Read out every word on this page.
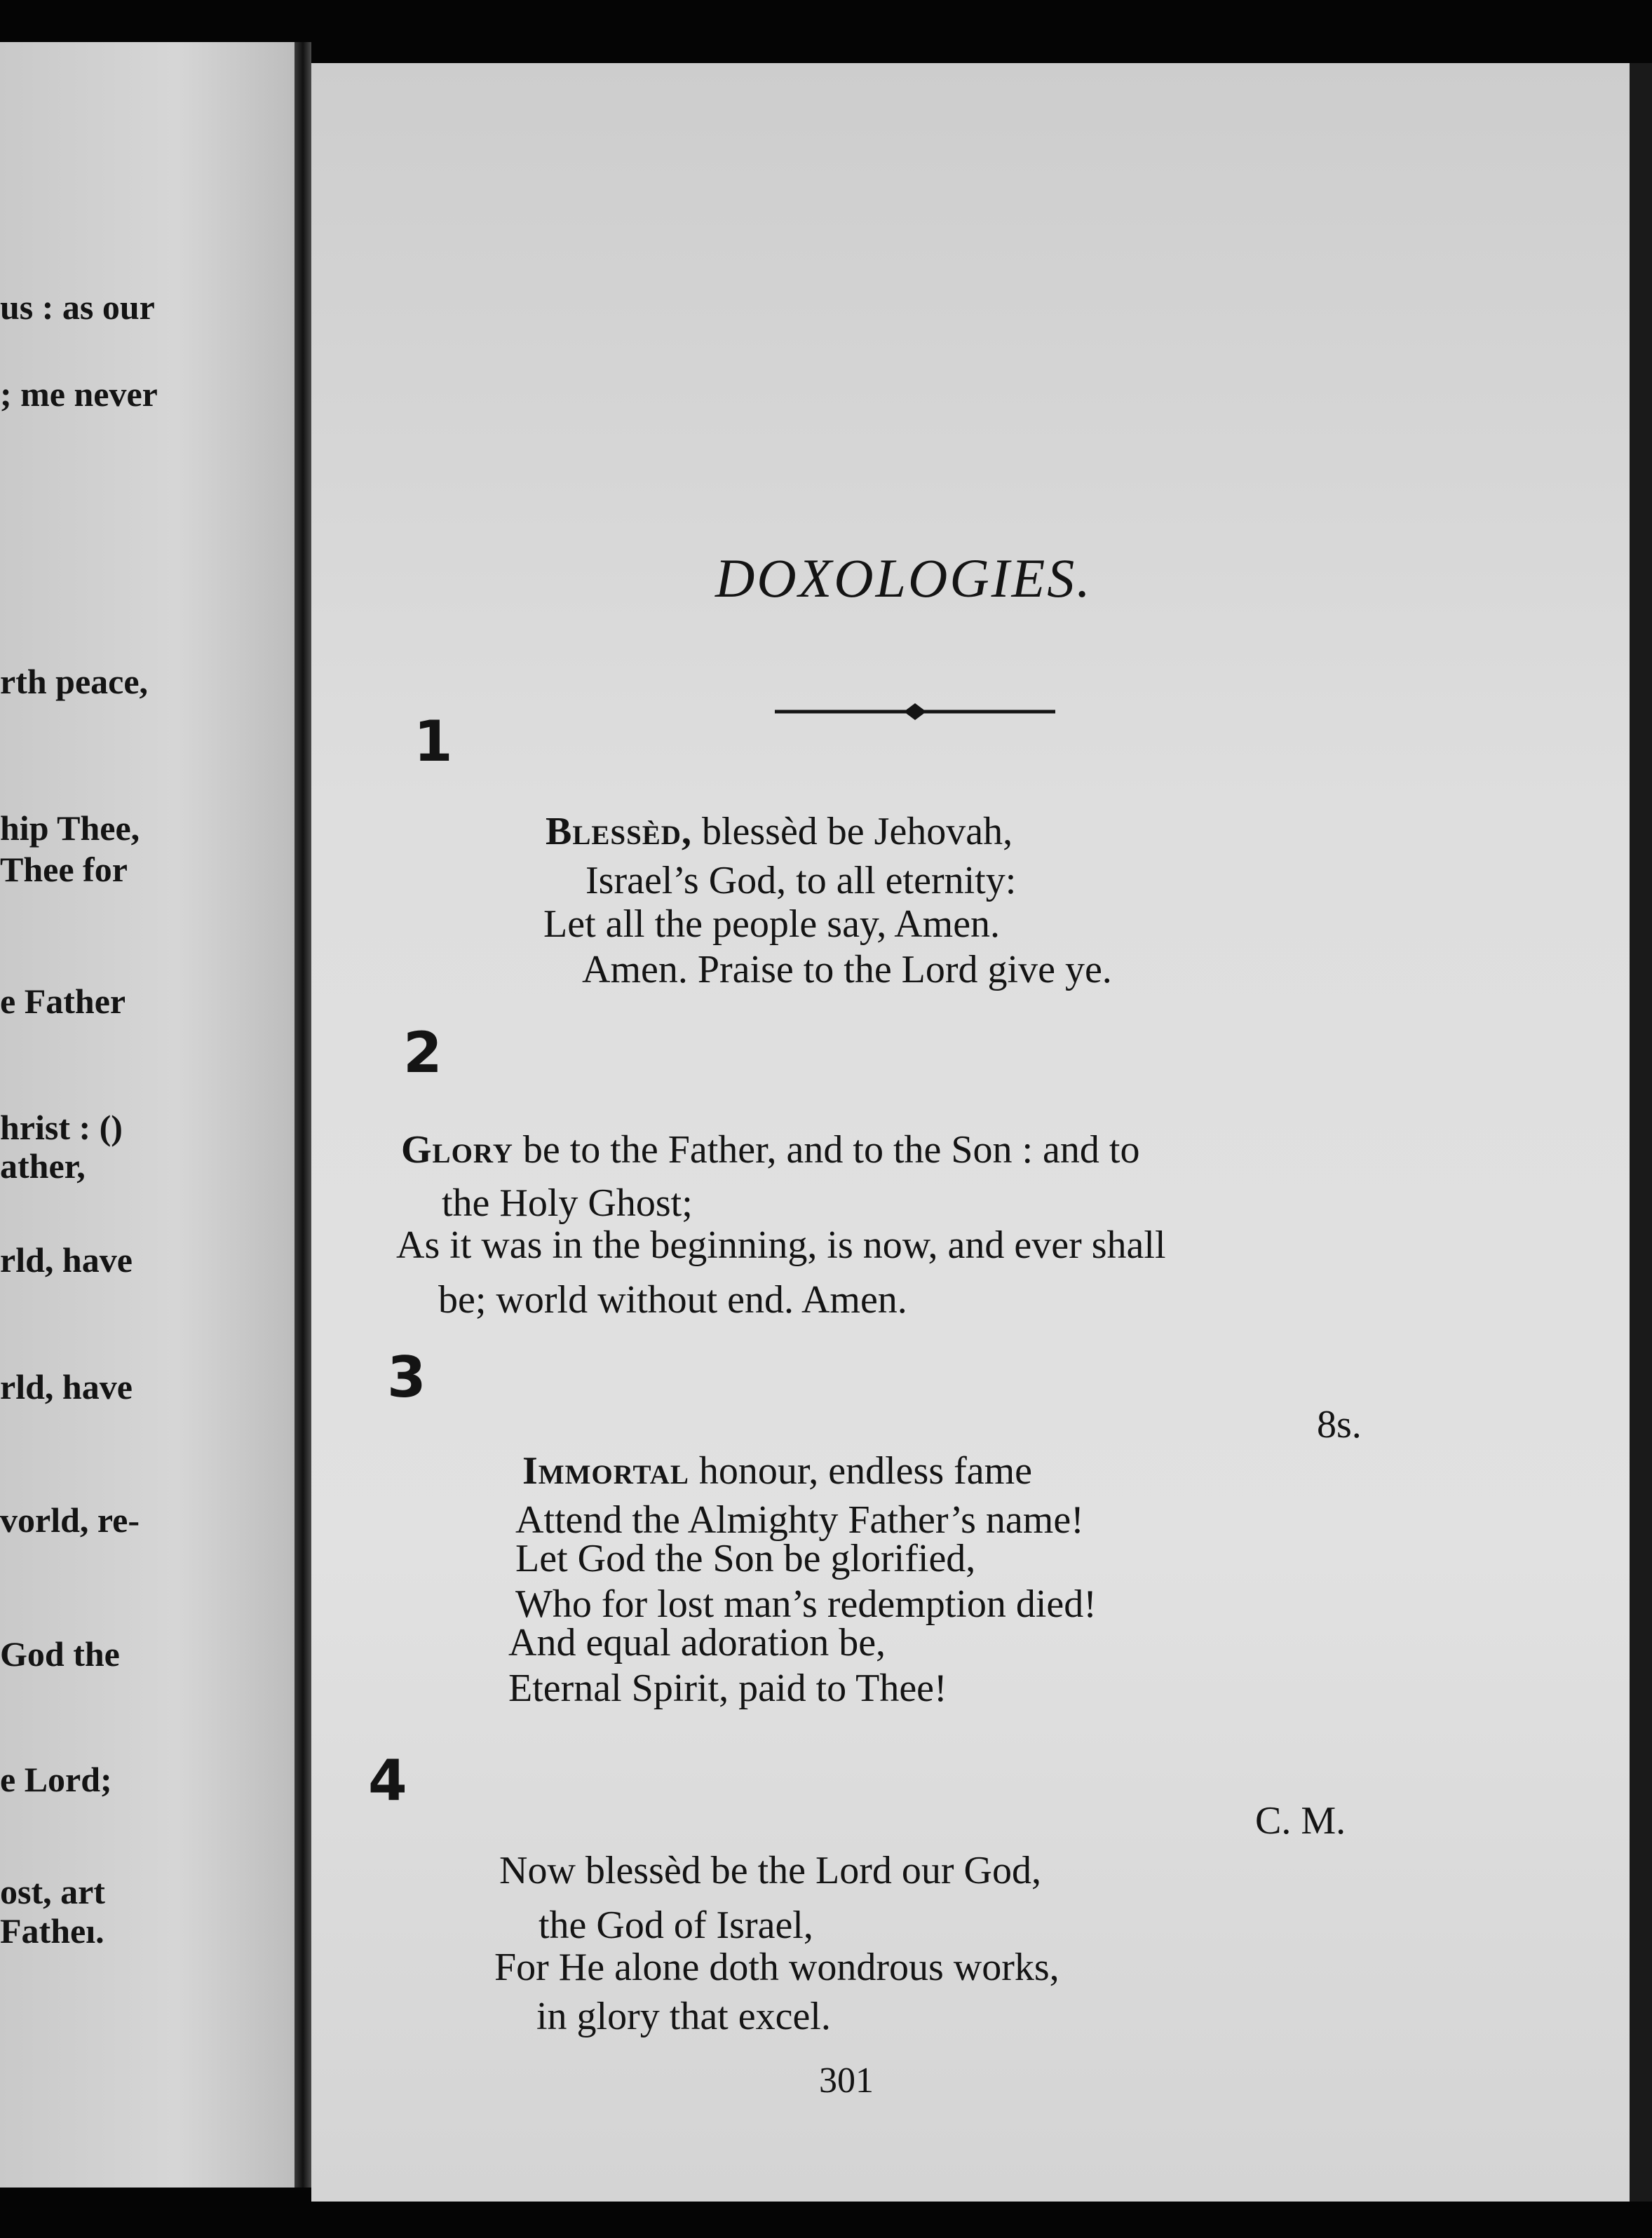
us : as our
; me never
rth peace,
hip Thee,
Thee for
e Father
hrist : ()
ather,
rld, have
rld, have
vorld, re-
God the
e Lord;
ost, art
Fatheı.
DOXOLOGIES.
1
Blessèd, blessèd be Jehovah,
Israel’s God, to all eternity:
Let all the people say, Amen.
Amen. Praise to the Lord give ye.
2
Glory be to the Father, and to the Son : and to
the Holy Ghost;
As it was in the beginning, is now, and ever shall
be; world without end. Amen.
3
8s.
Immortal honour, endless fame
Attend the Almighty Father’s name!
Let God the Son be glorified,
Who for lost man’s redemption died!
And equal adoration be,
Eternal Spirit, paid to Thee!
4
C. M.
Now blessèd be the Lord our God,
the God of Israel,
For He alone doth wondrous works,
in glory that excel.
301
